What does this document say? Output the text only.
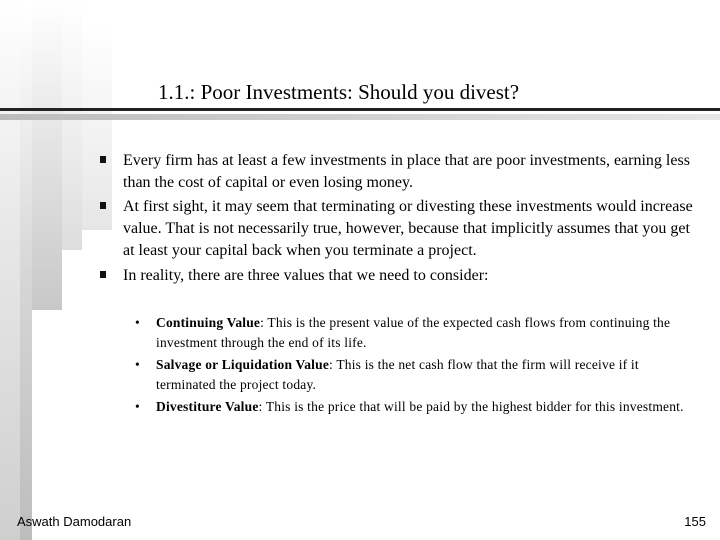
1.1.: Poor Investments: Should you divest?
Every firm has at least a few investments in place that are poor investments, earning less than the cost of capital or even losing money.
At first sight, it may seem that terminating or divesting these investments would increase value. That is not necessarily true, however, because that implicitly assumes that you get at least your capital back when you terminate a project.
In reality, there are three values that we need to consider:
• Continuing Value: This is the present value of the expected cash flows from continuing the investment through the end of its life.
• Salvage or Liquidation Value: This is the net cash flow that the firm will receive if it terminated the project today.
• Divestiture Value: This is the price that will be paid by the highest bidder for this investment.
Aswath Damodaran	155
